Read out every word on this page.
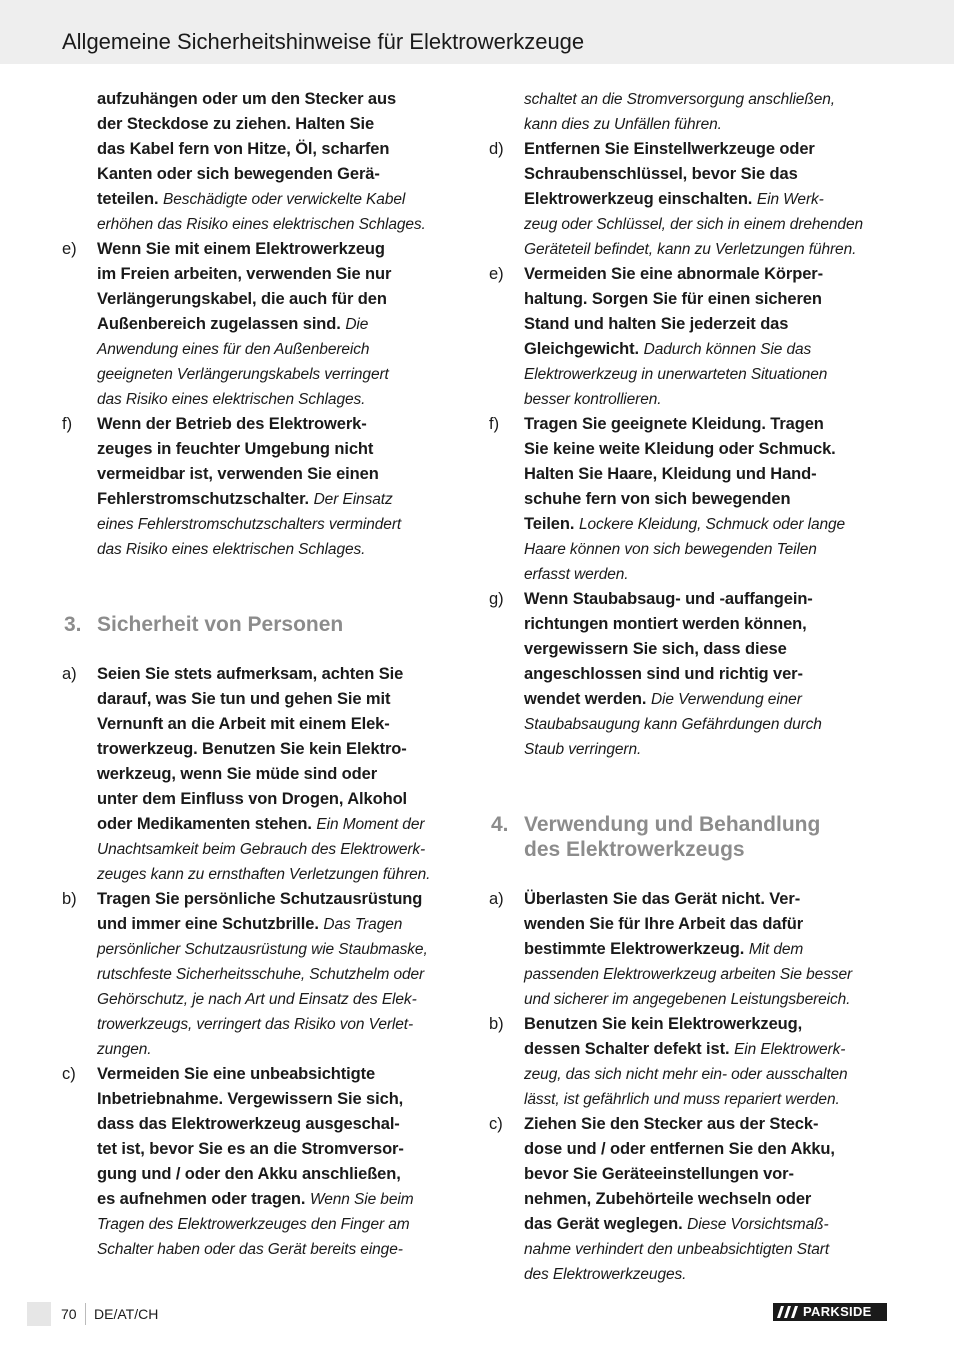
Allgemeine Sicherheitshinweise für Elektrowerkzeuge

aufzuhängen oder um den Stecker aus
der Steckdose zu ziehen. Halten Sie
das Kabel fern von Hitze, Öl, scharfen
Kanten oder sich bewegenden Gerä-
teteilen. Beschädigte oder verwickelte Kabel
erhöhen das Risiko eines elektrischen Schlages.

e) Wenn Sie mit einem Elektrowerkzeug
im Freien arbeiten, verwenden Sie nur
Verlängerungskabel, die auch für den
Außenbereich zugelassen sind. Die
Anwendung eines für den Außenbereich
geeigneten Verlängerungskabels verringert
das Risiko eines elektrischen Schlages.

f) Wenn der Betrieb des Elektrowerk-
zeuges in feuchter Umgebung nicht
vermeidbar ist, verwenden Sie einen
Fehlerstromschutzschalter. Der Einsatz
eines Fehlerstromschutzschalters vermindert
das Risiko eines elektrischen Schlages.

3. Sicherheit von Personen
a) Seien Sie stets aufmerksam, achten Sie
darauf, was Sie tun und gehen Sie mit
Vernunft an die Arbeit mit einem Elek-
trowerkzeug. Benutzen Sie kein Elektro-
werkzeug, wenn Sie müde sind oder
unter dem Einfluss von Drogen, Alkohol
oder Medikamenten stehen. Ein Moment der
Unachtsamkeit beim Gebrauch des Elektrowerk-
zeuges kann zu ernsthaften Verletzungen führen.

b) Tragen Sie persönliche Schutzausrüstung
und immer eine Schutzbrille. Das Tragen
persönlicher Schutzausrüstung wie Staubmaske,
rutschfeste Sicherheitsschuhe, Schutzhelm oder
Gehörschutz, je nach Art und Einsatz des Elek-
trowerkzeugs, verringert das Risiko von Verlet-
zungen.

c) Vermeiden Sie eine unbeabsichtigte
Inbetriebnahme. Vergewissern Sie sich,
dass das Elektrowerkzeug ausgeschal-
tet ist, bevor Sie es an die Stromversor-
gung und / oder den Akku anschließen,
es aufnehmen oder tragen. Wenn Sie beim
Tragen des Elektrowerkzeuges den Finger am
Schalter haben oder das Gerät bereits einge-

schaltet an die Stromversorgung anschließen,
kann dies zu Unfällen führen.

d) Entfernen Sie Einstellwerkzeuge oder
Schraubenschlüssel, bevor Sie das
Elektrowerkzeug einschalten. Ein Werk-
zeug oder Schlüssel, der sich in einem drehenden
Geräteteil befindet, kann zu Verletzungen führen.

e) Vermeiden Sie eine abnormale Körper-
haltung. Sorgen Sie für einen sicheren
Stand und halten Sie jederzeit das
Gleichgewicht. Dadurch können Sie das
Elektrowerkzeug in unerwarteten Situationen
besser kontrollieren.

f) Tragen Sie geeignete Kleidung. Tragen
Sie keine weite Kleidung oder Schmuck.
Halten Sie Haare, Kleidung und Hand-
schuhe fern von sich bewegenden
Teilen. Lockere Kleidung, Schmuck oder lange
Haare können von sich bewegenden Teilen
erfasst werden.

g) Wenn Staubabsaug- und -auffangein-
richtungen montiert werden können,
vergewissern Sie sich, dass diese
angeschlossen sind und richtig ver-
wendet werden. Die Verwendung einer
Staubabsaugung kann Gefährdungen durch
Staub verringern.

4. Verwendung und Behandlung
des Elektrowerkzeugs
a) Überlasten Sie das Gerät nicht. Ver-
wenden Sie für Ihre Arbeit das dafür
bestimmte Elektrowerkzeug. Mit dem
passenden Elektrowerkzeug arbeiten Sie besser
und sicherer im angegebenen Leistungsbereich.

b) Benutzen Sie kein Elektrowerkzeug,
dessen Schalter defekt ist. Ein Elektrowerk-
zeug, das sich nicht mehr ein- oder ausschalten
lässt, ist gefährlich und muss repariert werden.

c) Ziehen Sie den Stecker aus der Steck-
dose und / oder entfernen Sie den Akku,
bevor Sie Geräteeinstellungen vor-
nehmen, Zubehörteile wechseln oder
das Gerät weglegen. Diese Vorsichtsmaß-
nahme verhindert den unbeabsichtigten Start
des Elektrowerkzeuges.

70 DE/AT/CH	PARKSIDE
